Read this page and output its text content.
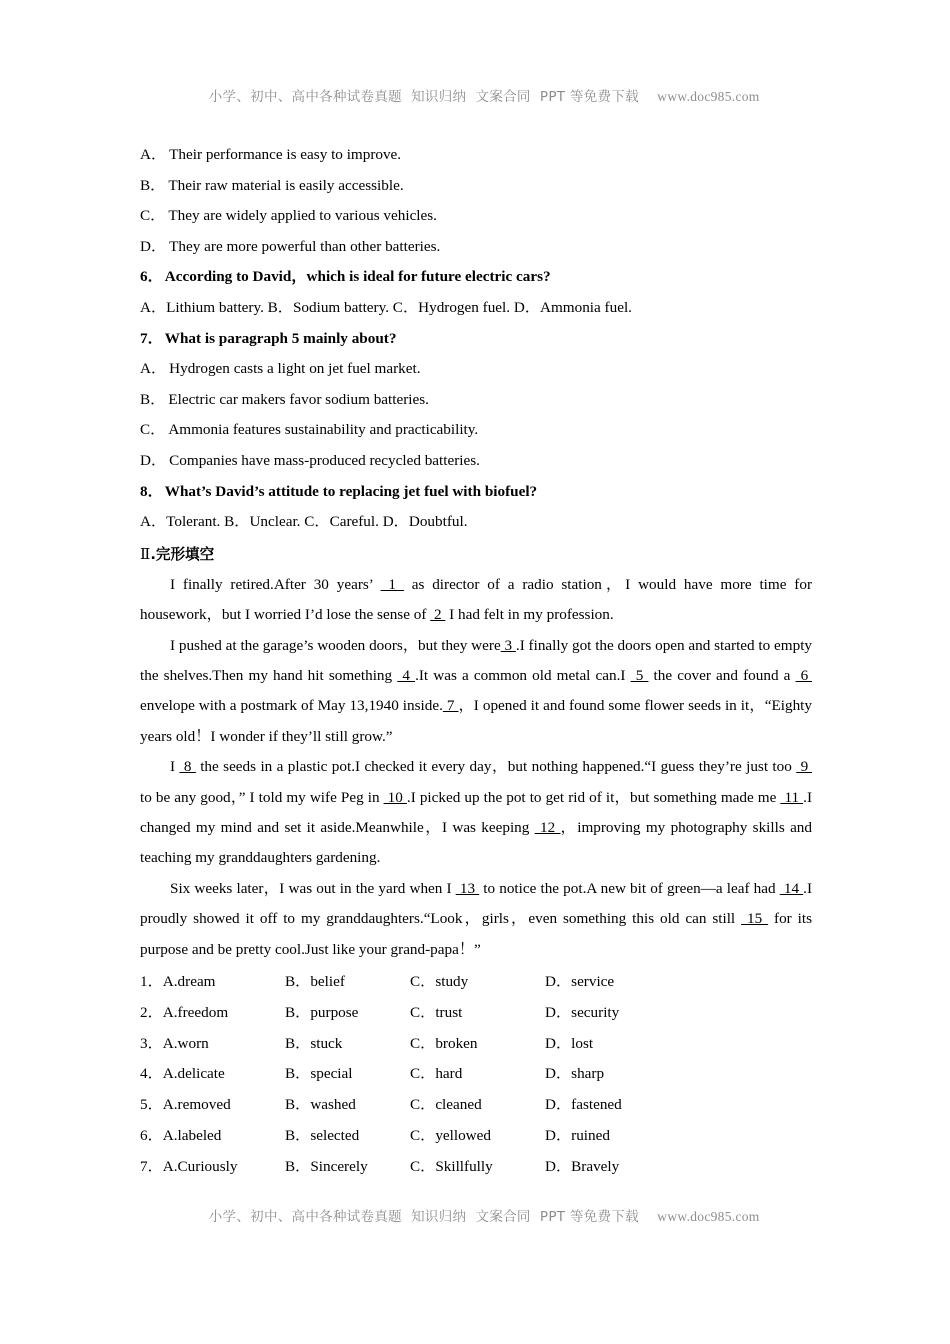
小学、初中、高中各种试卷真题  知识归纳  文案合同  PPT 等免费下载 www.doc985.com

A． Their performance is easy to improve.
B． Their raw material is easily accessible.
C． They are widely applied to various vehicles.
D． They are more powerful than other batteries.
6． According to David，which is ideal for future electric cars?
A．Lithium battery. B．Sodium battery. C．Hydrogen fuel. D．Ammonia fuel.
7． What is paragraph 5 mainly about?
A． Hydrogen casts a light on jet fuel market.
B． Electric car makers favor sodium batteries.
C． Ammonia features sustainability and practicability.
D． Companies have mass-produced recycled batteries.
8． What’s David’s attitude to replacing jet fuel with biofuel?
A．Tolerant. B．Unclear. C．Careful. D．Doubtful.
Ⅱ.完形填空

I finally retired.After 30 years’  1  as director of a radio station，I would have more time for housework，but I worried I’d lose the sense of  2  I had felt in my profession.

I pushed at the garage’s wooden doors，but they were 3 .I finally got the doors open and started to empty the shelves.Then my hand hit something  4 .It was a common old metal can.I  5  the cover and found a  6  envelope with a postmark of May 13,1940 inside. 7 ，I opened it and found some flower seeds in it，“Eighty years old！I wonder if they’ll still grow.”

I  8  the seeds in a plastic pot.I checked it every day，but nothing happened.“I guess they’re just too  9  to be any good，” I told my wife Peg in  10 .I picked up the pot to get rid of it，but something made me  11 .I changed my mind and set it aside.Meanwhile，I was keeping  12 ，improving my photography skills and teaching my granddaughters gardening.

Six weeks later，I was out in the yard when I  13  to notice the pot.A new bit of green—a leaf had  14 .I proudly showed it off to my granddaughters.“Look，girls，even something this old can still  15  for its purpose and be pretty cool.Just like your grand-papa！”

1．A.dream	B．belief	C．study	D．service
2．A.freedom	B．purpose	C．trust	D．security
3．A.worn	B．stuck	C．broken	D．lost
4．A.delicate	B．special	C．hard	D．sharp
5．A.removed	B．washed	C．cleaned	D．fastened
6．A.labeled	B．selected	C．yellowed	D．ruined
7．A.Curiously	B．Sincerely	C．Skillfully	D．Bravely

小学、初中、高中各种试卷真题  知识归纳  文案合同  PPT 等免费下载 www.doc985.com
